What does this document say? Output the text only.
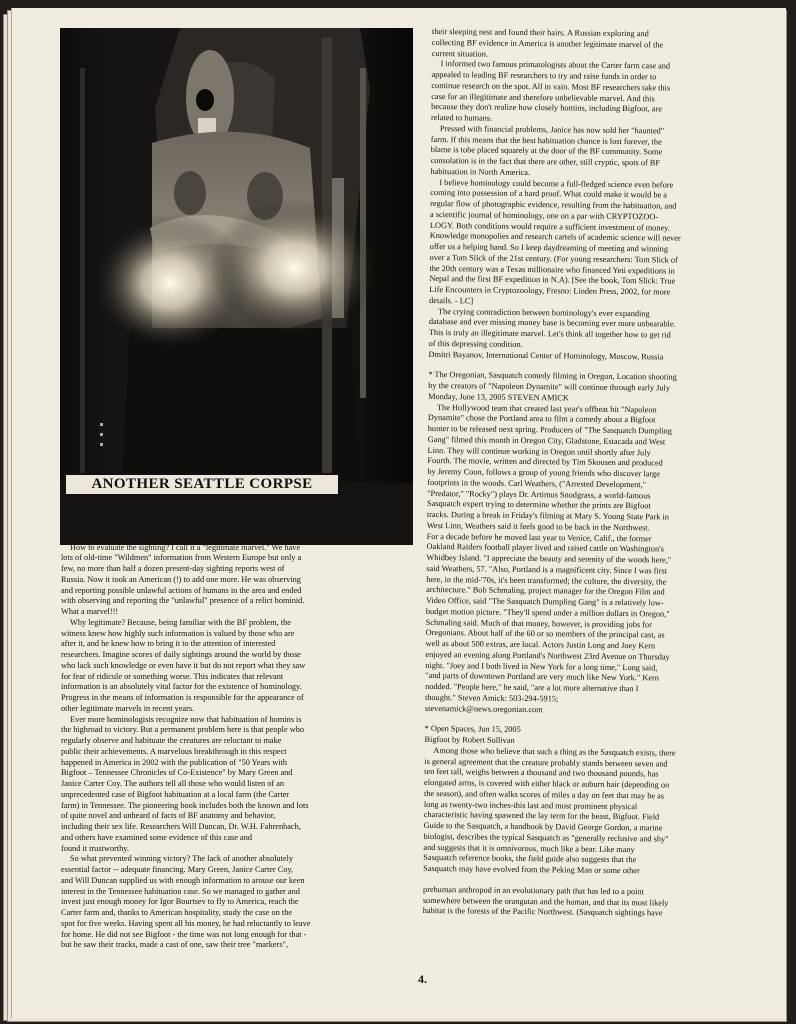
ANOTHER SEATTLE CORPSE

talking to his wife felt that he "can share it with like minded
peeps."

How to evaluate the sighting? I call it a "legitimate marvel." We have
lots of old-time "Wildmen" information from Western Europe but only a
few, no more than half a dozen present-day sighting reports west of
Russia. Now it took an American (!) to add one more. He was observing
and reporting possible unlawful actions of humans in the area and ended
with observing and reporting the "unlawful" presence of a relict hominid.
What a marvel!!!

Why legitimate? Because, being familiar with the BF problem, the
witness knew how highly such information is valued by those who are
after it, and he knew how to bring it to the attention of interested
researchers. Imagine scores of daily sightings around the world by those
who lack such knowledge or even have it but do not report what they saw
for fear of ridicule or something worse. This indicates that relevant
information is an absolutely vital factor for the existence of hominology.
Progress in the means of information is responsible for the appearance of
other legitimate marvels in recent years.

Ever more hominologists recognize now that habituation of homins is
the highroad to victory. But a permanent problem here is that people who
regularly observe and habituate the creatures are reluctant to make
public their achievements. A marvelous breakthrough in this respect
happened in America in 2002 with the publication of "50 Years with
Bigfoot – Tennessee Chronicles of Co-Existence" by Mary Green and
Janice Carter Coy. The authors tell all those who would listen of an
unprecedented case of Bigfoot habituation at a local farm (the Carter
farm) in Tennessee. The pioneering book includes both the known and lots
of quite novel and unheard of facts of BF anatomy and behavior,
including their sex life. Researchers Will Duncan, Dr. W.H. Fahrenbach,
and others have examined some evidence of this case and
found it trustworthy.

So what prevented winning victory? The lack of another absolutely
essential factor -- adequate financing. Mary Green, Janice Carter Coy,
and Will Duncan supplied us with enough information to arouse our keen
interest in the Tennessee habituation case. So we managed to gather and
invest just enough money for Igor Bourtsev to fly to America, reach the
Carter farm and, thanks to American hospitality, study the case on the
spot for five weeks. Having spent all his money, he had reluctantly to leave
for home. He did not see Bigfoot - the time was not long enough for that -
but he saw their tracks, made a cast of one, saw their tree "markers",

their sleeping nest and found their hairs. A Russian exploring and
collecting BF evidence in America is another legitimate marvel of the
current situation.

I informed two famous primatologists about the Carter farm case and
appealed to leading BF researchers to try and raise funds in order to
continue research on the spot. All in vain. Most BF researchers take this
case for an illegitimate and therefore unbelievable marvel. And this
because they don't realize how closely homins, including Bigfoot, are
related to humans.

Pressed with financial problems, Janice has now sold her "haunted"
farm. If this means that the best habituation chance is lost forever, the
blame is tobe placed squarely at the door of the BF community. Some
consolation is in the fact that there are other, still cryptic, spots of BF
habituation in North America.

I believe hominology could become a full-fledged science even before
coming into possession of a hard proof. What could make it would be a
regular flow of photographic evidence, resulting from the habituation, and
a scientific journal of hominology, one on a par with CRYPTOZOO-
LOGY. Both conditions would require a sufficient investment of money.
Knowledge monopolies and research cartels of academic science will never
offer us a helping hand. So I keep daydreaming of meeting and winning
over a Tom Slick of the 21st century. (For young researchers: Tom Slick of
the 20th century was a Texas millionaire who financed Yeti expeditions in
Nepal and the first BF expedition in N.A). [See the book, Tom Slick: True
Life Encounters in Cryptozoology, Fresno: Linden Press, 2002, for more
details. - LC]

The crying contradiction between hominology's ever expanding
database and ever missing money base is becoming ever more unbearable.
This is truly an illegitimate marvel. Let's think all together how to get rid
of this depressing condition.

Dmitri Bayanov, International Center of Hominology, Moscow, Russia

* The Oregonian, Sasquatch comedy filming in Oregon, Location shooting
by the creators of "Napoleon Dynamite" will continue through early July
Monday, June 13, 2005 STEVEN AMICK

The Hollywood team that created last year's offbeat hit "Napoleon
Dynamite" chose the Portland area to film a comedy about a Bigfoot
hunter to be released next spring. Producers of "The Sasquatch Dumpling
Gang" filmed this month in Oregon City, Gladstone, Estacada and West
Linn. They will continue working in Oregon until shortly after July
Fourth. The movie, written and directed by Tim Skousen and produced
by Jeremy Coon, follows a group of young friends who discover large
footprints in the woods. Carl Weathers, ("Arrested Development,"
"Predator," "Rocky") plays Dr. Artimus Snodgrass, a world-famous
Sasquatch expert trying to determine whether the prints are Bigfoot
tracks. During a break in Friday's filming at Mary S. Young State Park in
West Linn, Weathers said it feels good to be back in the Northwest.
For a decade before he moved last year to Venice, Calif., the former
Oakland Raiders football player lived and raised cattle on Washington's
Whidbey Island. "I appreciate the beauty and serenity of the woods here,"
said Weathers, 57. "Also, Portland is a magnificent city. Since I was first
here, in the mid-'70s, it's been transformed; the culture, the diversity, the
architecture." Bob Schmaling, project manager for the Oregon Film and
Video Office, said "The Sasquatch Dumpling Gang" is a relatively low-
budget motion picture. "They'll spend under a million dollars in Oregon,"
Schmaling said. Much of that money, however, is providing jobs for
Oregonians. About half of the 60 or so members of the principal cast, as
well as about 500 extras, are local. Actors Justin Long and Joey Kern
enjoyed an evening along Portland's Northwest 23rd Avenue on Thursday
night. "Joey and I both lived in New York for a long time," Long said,
"and parts of downtown Portland are very much like New York." Kern
nodded. "People here," he said, "are a lot more alternative than I
thought." Steven Amick: 503-294-5915;
stevenamick@news.oregonian.com

* Open Spaces, Jun 15, 2005
Bigfoot by Robert Sullivan

Among those who believe that such a thing as the Sasquatch exists, there
is general agreement that the creature probably stands between seven and
ten feet tall, weighs between a thousand and two thousand pounds, has
elongated arms, is covered with either black or auburn hair (depending on
the season), and often walks scores of miles a day on feet that may be as
long as twenty-two inches-this last and most prominent physical
characteristic having spawned the lay term for the beast, Bigfoot. Field
Guide to the Sasquatch, a handbook by David George Gordon, a marine
biologist, describes the typical Sasquatch as "generally reclusive and shy"
and suggests that it is omnivorous, much like a bear. Like many
Sasquatch reference books, the field guide also suggests that the
Sasquatch may have evolved from the Peking Man or some other

prehuman anthropod in an evolutionary path that has led to a point
somewhere between the orangutan and the human, and that its most likely
habitat is the forests of the Pacific Northwest. (Sasquatch sightings have

4.
